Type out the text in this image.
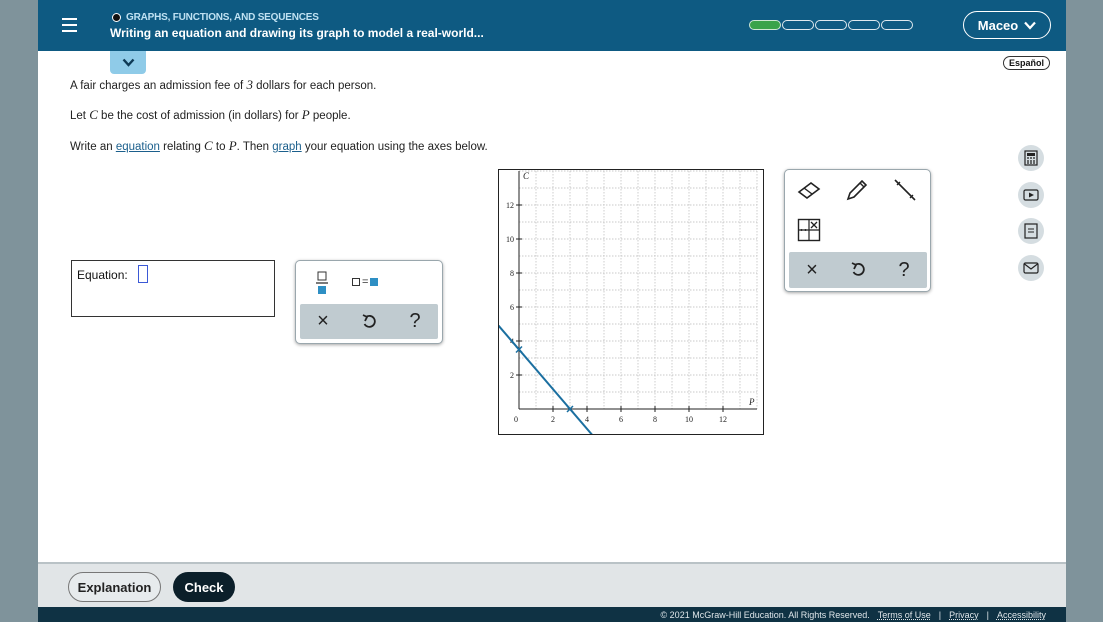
GRAPHS, FUNCTIONS, AND SEQUENCES
Writing an equation and drawing its graph to model a real-world...
Maceo
Español
A fair charges an admission fee of 3 dollars for each person.
Let C be the cost of admission (in dollars) for P people.
Write an equation relating C to P. Then graph your equation using the axes below.
Equation:	=
×	?
2	4	6	8	10	12
2
6
8
10
12
0
C
P
×	?
Explanation	Check
© 2021 McGraw-Hill Education. All Rights Reserved. Terms of Use | Privacy | Accessibility
